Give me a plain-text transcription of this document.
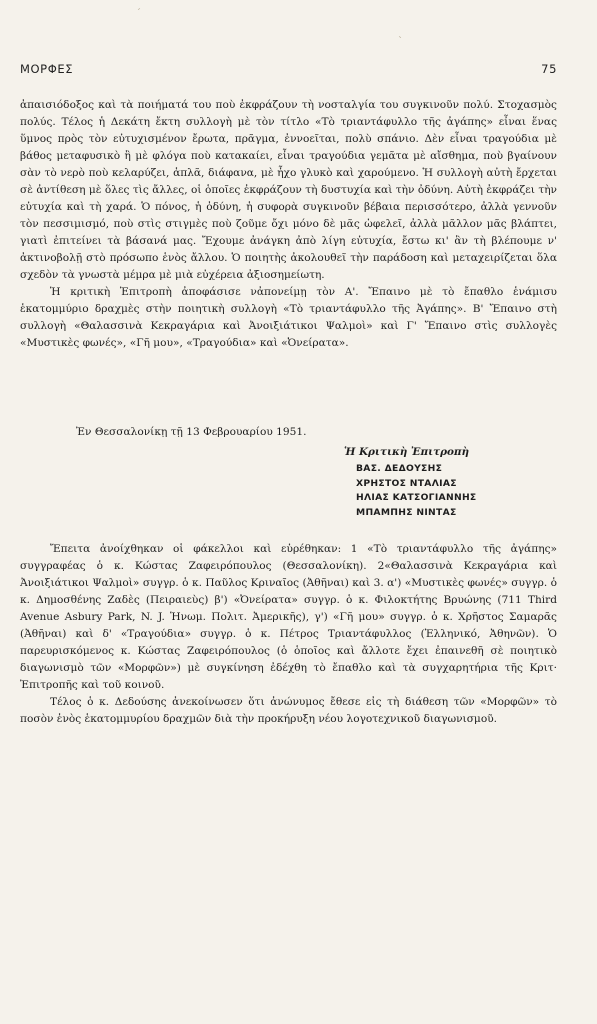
ˊ
ˋ
ΜΟΡΦΕΣ	75

ἀπαισιόδοξος καὶ τὰ ποιήματά του ποὺ ἐκφράζουν τὴ νοσταλγία του συγκινοῦν πολύ. Στοχασμὸς πολύς. Τέλος ἡ Δεκάτη ἔκτη συλλογὴ μὲ τὸν τίτλο «Τὸ τριαντάφυλλο τῆς ἀγάπης» εἶναι ἕνας ὕμνος πρὸς τὸν εὐτυχισμένον ἔρωτα, πρᾶγμα, ἐννοεῖται, πολὺ σπάνιο. Δὲν εἶναι τραγούδια μὲ βάθος μεταφυσικὸ ἢ μὲ φλόγα ποὺ κατακαίει, εἶναι τραγούδια γεμᾶτα μὲ αἴσθημα, ποὺ βγαίνουν σὰν τὸ νερὸ ποὺ κελαρύζει, ἁπλᾶ, διάφανα, μὲ ἦχο γλυκὸ καὶ χαρούμενο. Ἡ συλλογὴ αὐτὴ ἔρχεται σὲ ἀντίθεση μὲ ὅλες τὶς ἄλλες, οἱ ὁποῖες ἐκφράζουν τὴ δυστυχία καὶ τὴν ὀδύνη. Αὐτὴ ἐκφράζει τὴν εὐτυχία καὶ τὴ χαρά. Ὁ πόνος, ἡ ὀδύνη, ἡ συφορὰ συγκινοῦν βέβαια περισσότερο, ἀλλὰ γεννοῦν τὸν πεσσιμισμό, ποὺ στὶς στιγμὲς ποὺ ζοῦμε ὄχι μόνο δὲ μᾶς ὠφελεῖ, ἀλλὰ μᾶλλον μᾶς βλάπτει, γιατὶ ἐπιτείνει τὰ βάσανά μας. Ἔχουμε ἀνάγκη ἀπὸ λίγη εὐτυχία, ἔστω κι' ἂν τὴ βλέπουμε ν' ἀκτινοβολῇ στὸ πρόσωπο ἑνὸς ἄλλου. Ὁ ποιητὴς ἀκολουθεῖ τὴν παράδοση καὶ μεταχειρίζεται ὅλα σχεδὸν τὰ γνωστὰ μέμρα μὲ μιὰ εὐχέρεια ἀξιοσημείωτη.

Ἡ κριτικὴ Ἐπιτροπὴ ἀποφάσισε νἀπονείμῃ τὸν Α'. Ἔπαινο μὲ τὸ ἔπαθλο ἑνάμισυ ἑκατομμύριο δραχμὲς στὴν ποιητικὴ συλλογὴ «Τὸ τριαντάφυλλο τῆς Ἀγάπης». Β' Ἔπαινο στὴ συλλογὴ «Θαλασσινὰ Κεκραγάρια καὶ Ἀνοιξιάτικοι Ψαλμοὶ» καὶ Γ' Ἔπαινο στὶς συλλογὲς «Μυστικὲς φωνές», «Γῆ μου», «Τραγούδια» καὶ «Ὀνείρατα».

Ἐν Θεσσαλονίκῃ τῇ 13 Φεβρουαρίου 1951.
Ἡ Κριτικὴ Ἐπιτροπὴ
ΒΑΣ. ΔΕΔΟΥΣΗΣ
ΧΡΗΣΤΟΣ ΝΤΑΛΙΑΣ
ΗΛΙΑΣ ΚΑΤΣΟΓΙΑΝΝΗΣ
ΜΠΑΜΠΗΣ ΝΙΝΤΑΣ

Ἔπειτα ἀνοίχθηκαν οἱ φάκελλοι καὶ εὑρέθηκαν: 1 «Τὸ τριαντάφυλλο τῆς ἀγάπης» συγγραφέας ὁ κ. Κώστας Ζαφειρόπουλος (Θεσσαλονίκη). 2«Θαλασσινὰ Κεκραγάρια καὶ Ἀνοιξιάτικοι Ψαλμοὶ» συγγρ. ὁ κ. Παῦλος Κριναῖος (Ἀθῆναι) καὶ 3. α') «Μυστικὲς φωνές» συγγρ. ὁ κ. Δημοσθένης Ζαδὲς (Πειραιεὺς) β') «Ὀνείρατα» συγγρ. ὁ κ. Φιλοκτήτης Βρυώνης (711 Third Avenue Asbury Park, N. J. Ἡνωμ. Πολιτ. Ἀμερικῆς), γ') «Γῆ μου» συγγρ. ὁ κ. Χρῆστος Σαμαρᾶς (Ἀθῆναι) καὶ δ' «Τραγούδια» συγγρ. ὁ κ. Πέτρος Τριαντάφυλλος (Ἑλληνικό, Ἀθηνῶν). Ὁ παρευρισκόμενος κ. Κώστας Ζαφειρόπουλος (ὁ ὁποῖος καὶ ἄλλοτε ἔχει ἐπαινεθῆ σὲ ποιητικὸ διαγωνισμὸ τῶν «Μορφῶν») μὲ συγκίνηση ἐδέχθη τὸ ἔπαθλο καὶ τὰ συγχαρητήρια τῆς Κριτ· Ἐπιτροπῆς καὶ τοῦ κοινοῦ.

Τέλος ὁ κ. Δεδούσης ἀνεκοίνωσεν ὅτι ἀνώνυμος ἔθεσε εἰς τὴ διάθεση τῶν «Μορφῶν» τὸ ποσὸν ἑνὸς ἑκατομμυρίου δραχμῶν διὰ τὴν προκήρυξη νέου λογοτεχνικοῦ διαγωνισμοῦ.
